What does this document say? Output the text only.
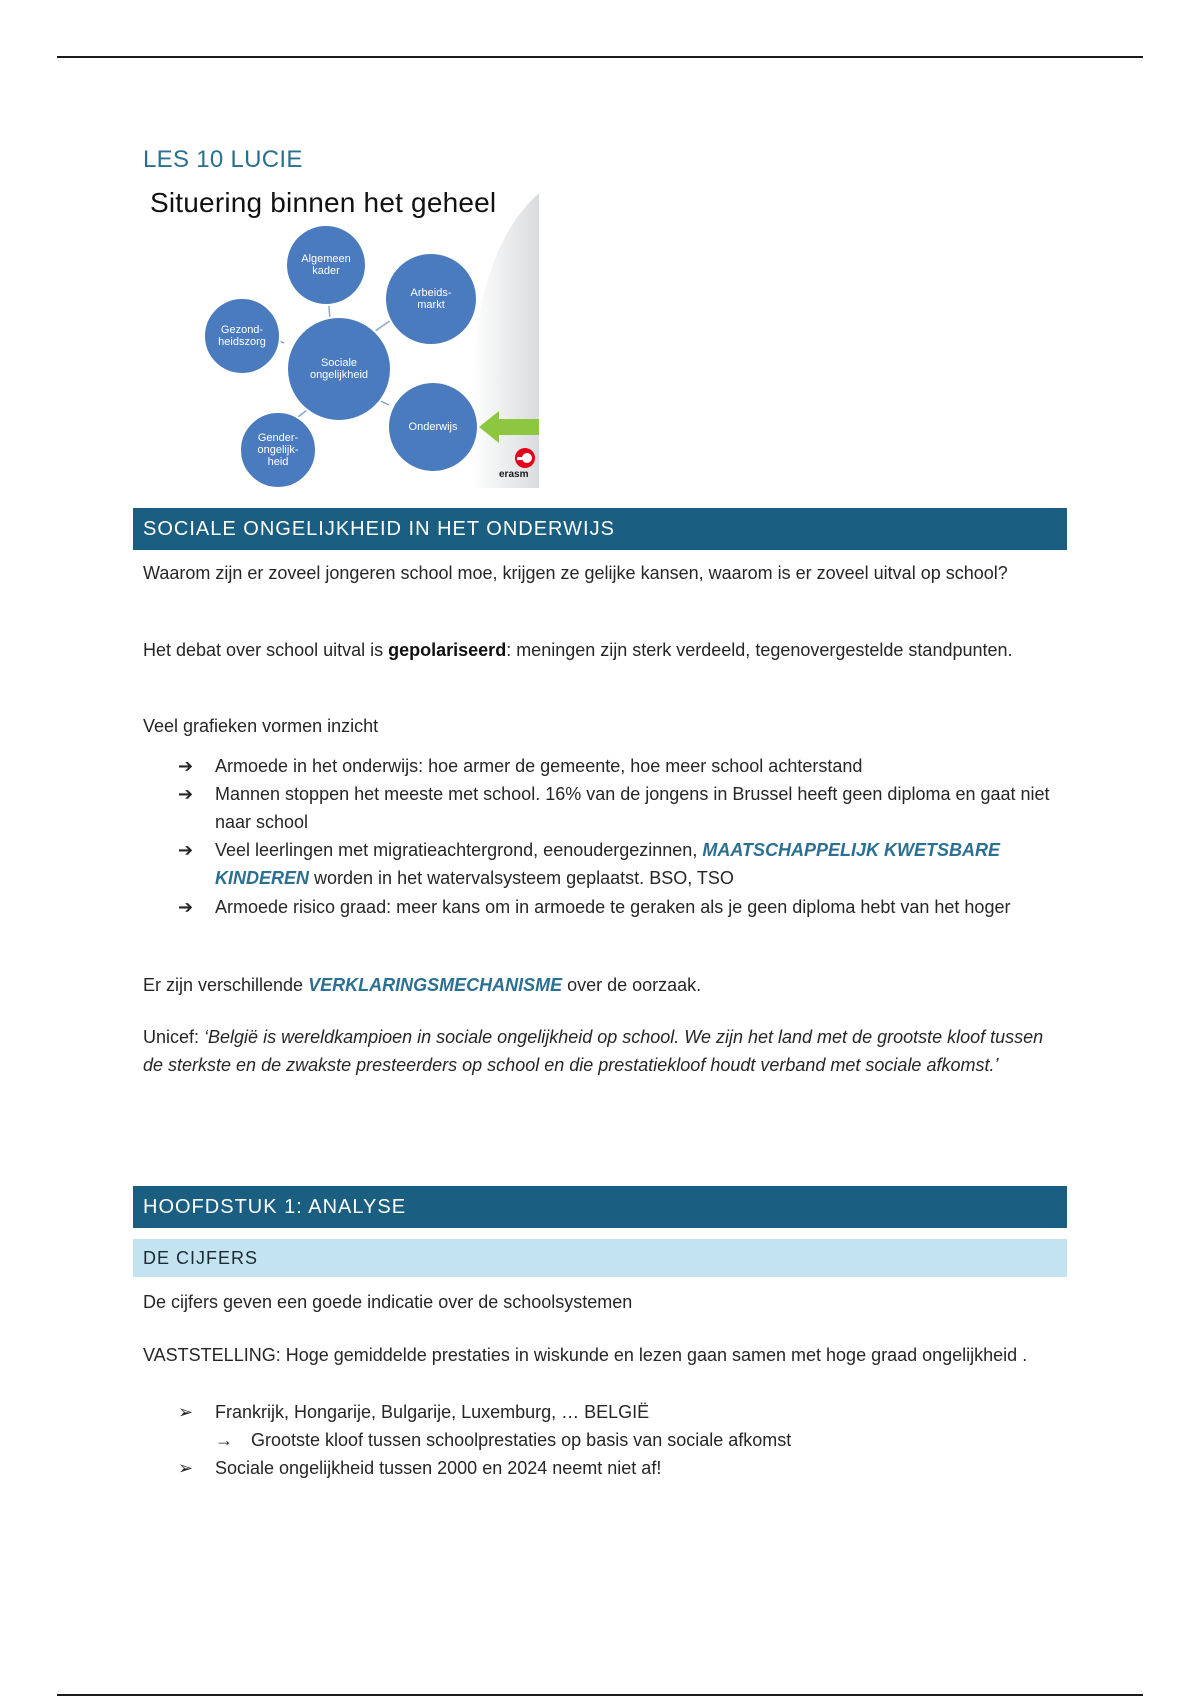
LES 10 LUCIE
Situering binnen het geheel
Algemeen
kader
Arbeids-
markt
Gezond-
heidszorg
Sociale
ongelijkheid
Onderwijs
Gender-
ongelijk-
heid
erasm
SOCIALE ONGELIJKHEID IN HET ONDERWIJS
Waarom zijn er zoveel jongeren school moe, krijgen ze gelijke kansen, waarom is er zoveel uitval op school?
Het debat over school uitval is gepolariseerd: meningen zijn sterk verdeeld, tegenovergestelde standpunten.
Veel grafieken vormen inzicht
➔ Armoede in het onderwijs: hoe armer de gemeente, hoe meer school achterstand
➔ Mannen stoppen het meeste met school. 16% van de jongens in Brussel heeft geen diploma en gaat niet naar school
➔ Veel leerlingen met migratieachtergrond, eenoudergezinnen, MAATSCHAPPELIJK KWETSBARE KINDEREN worden in het watervalsysteem geplaatst. BSO, TSO
➔ Armoede risico graad: meer kans om in armoede te geraken als je geen diploma hebt van het hoger
Er zijn verschillende VERKLARINGSMECHANISME over de oorzaak.
Unicef: ‘België is wereldkampioen in sociale ongelijkheid op school. We zijn het land met de grootste kloof tussen de sterkste en de zwakste presteerders op school en die prestatiekloof houdt verband met sociale afkomst.’
HOOFDSTUK 1: ANALYSE
DE CIJFERS
De cijfers geven een goede indicatie over de schoolsystemen
VASTSTELLING: Hoge gemiddelde prestaties in wiskunde en lezen gaan samen met hoge graad ongelijkheid .
➢ Frankrijk, Hongarije, Bulgarije, Luxemburg, … BELGIË
→ Grootste kloof tussen schoolprestaties op basis van sociale afkomst
➢ Sociale ongelijkheid tussen 2000 en 2024 neemt niet af!
